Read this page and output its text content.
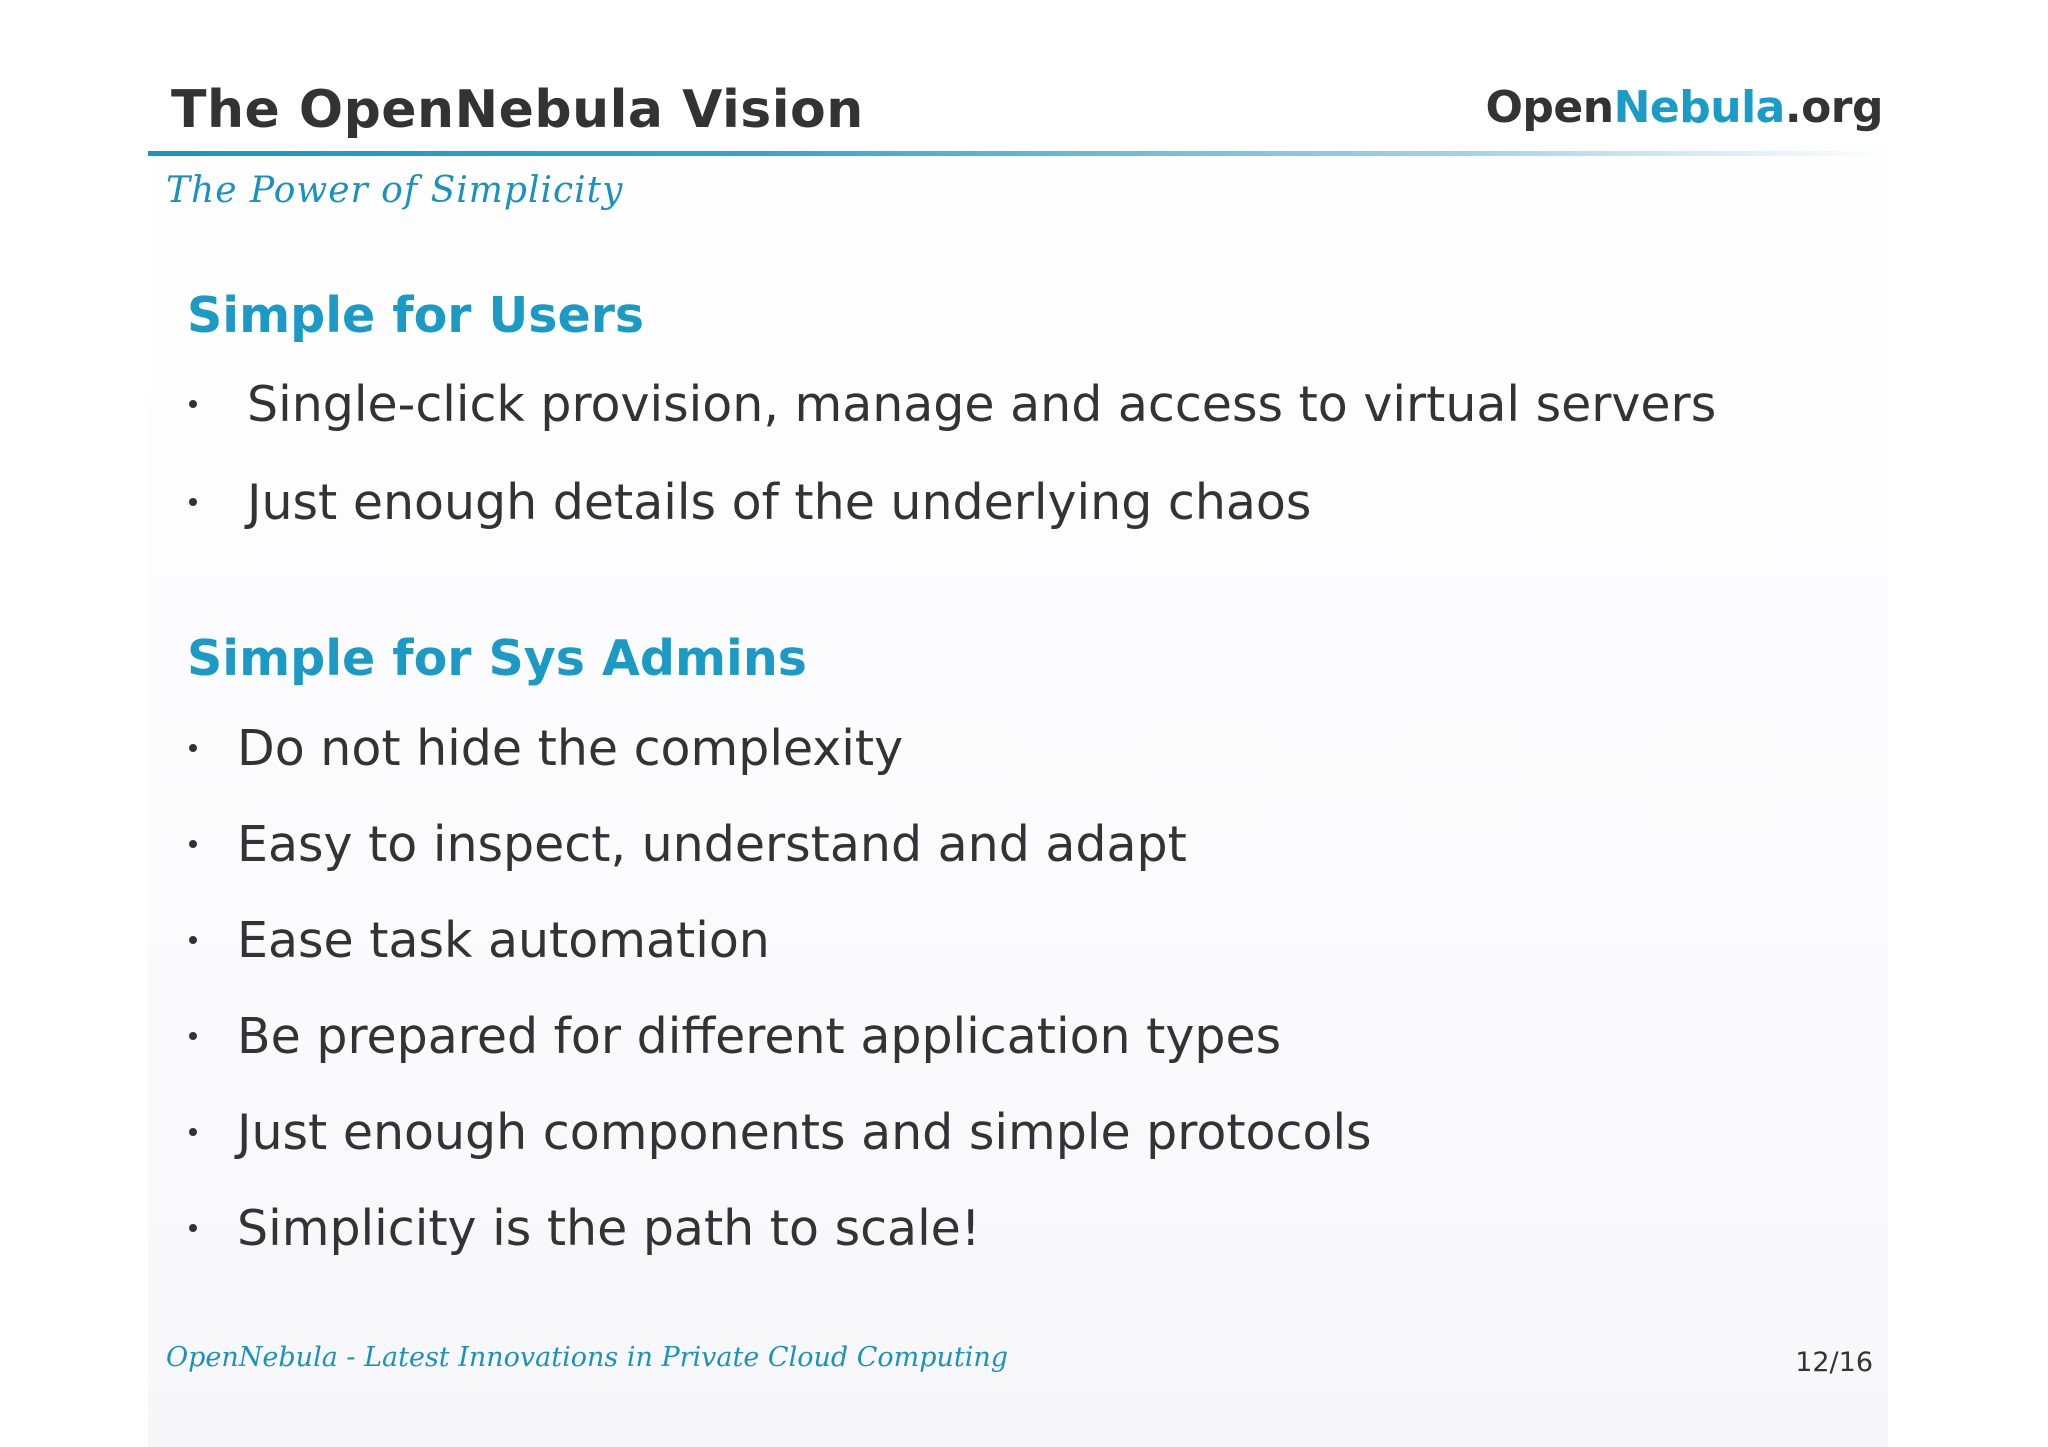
The OpenNebula Vision	OpenNebula.org
The Power of Simplicity
Simple for Users
Single-click provision, manage and access to virtual servers
Just enough details of the underlying chaos
Simple for Sys Admins
Do not hide the complexity
Easy to inspect, understand and adapt
Ease task automation
Be prepared for different application types
Just enough components and simple protocols
Simplicity is the path to scale!
OpenNebula - Latest Innovations in Private Cloud Computing	12/16
